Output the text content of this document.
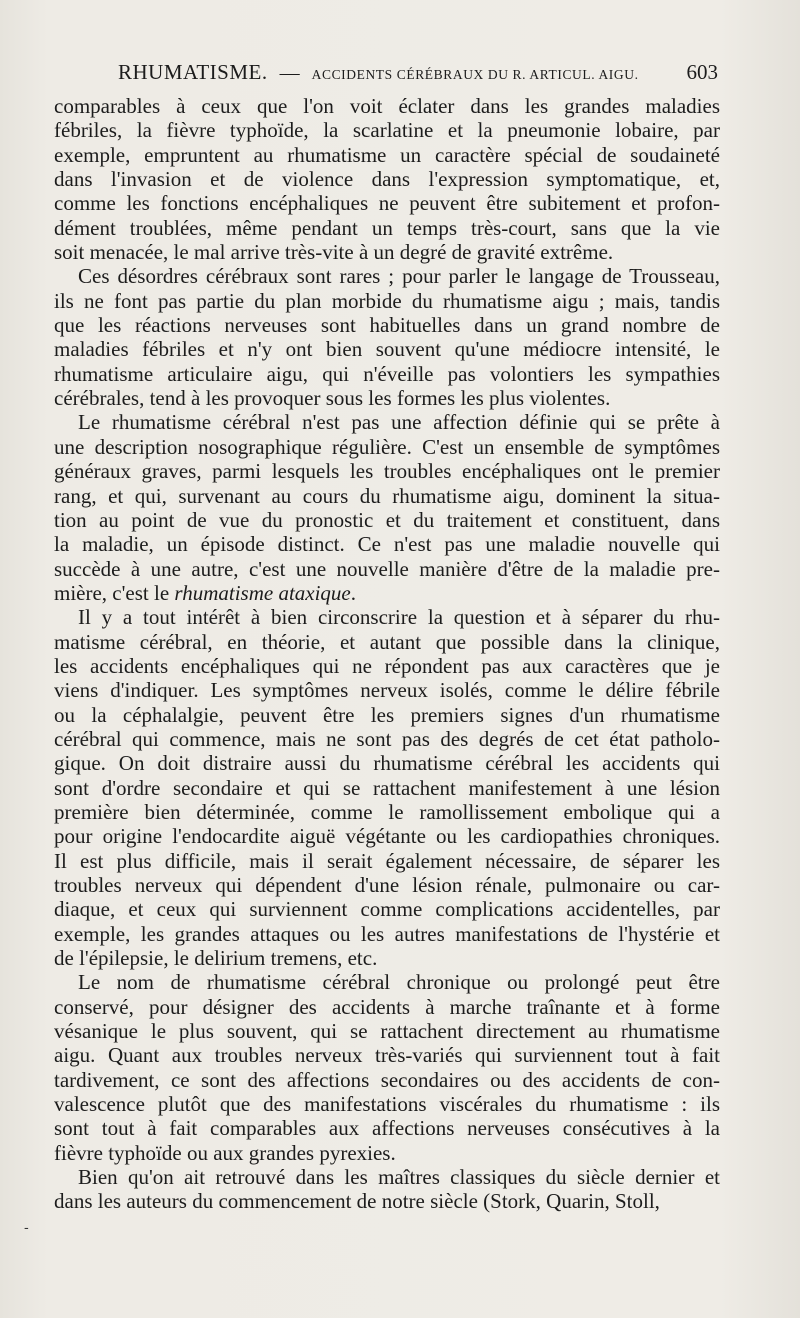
RHUMATISME. — ACCIDENTS CÉRÉBRAUX DU R. ARTICUL. AIGU. 603
comparables à ceux que l'on voit éclater dans les grandes maladies
fébriles, la fièvre typhoïde, la scarlatine et la pneumonie lobaire, par
exemple, empruntent au rhumatisme un caractère spécial de soudaineté
dans l'invasion et de violence dans l'expression symptomatique, et,
comme les fonctions encéphaliques ne peuvent être subitement et profon-
dément troublées, même pendant un temps très-court, sans que la vie
soit menacée, le mal arrive très-vite à un degré de gravité extrême.
Ces désordres cérébraux sont rares ; pour parler le langage de Trousseau,
ils ne font pas partie du plan morbide du rhumatisme aigu ; mais, tandis
que les réactions nerveuses sont habituelles dans un grand nombre de
maladies fébriles et n'y ont bien souvent qu'une médiocre intensité, le
rhumatisme articulaire aigu, qui n'éveille pas volontiers les sympathies
cérébrales, tend à les provoquer sous les formes les plus violentes.
Le rhumatisme cérébral n'est pas une affection définie qui se prête à
une description nosographique régulière. C'est un ensemble de symptômes
généraux graves, parmi lesquels les troubles encéphaliques ont le premier
rang, et qui, survenant au cours du rhumatisme aigu, dominent la situa-
tion au point de vue du pronostic et du traitement et constituent, dans
la maladie, un épisode distinct. Ce n'est pas une maladie nouvelle qui
succède à une autre, c'est une nouvelle manière d'être de la maladie pre-
mière, c'est le rhumatisme ataxique.
Il y a tout intérêt à bien circonscrire la question et à séparer du rhu-
matisme cérébral, en théorie, et autant que possible dans la clinique,
les accidents encéphaliques qui ne répondent pas aux caractères que je
viens d'indiquer. Les symptômes nerveux isolés, comme le délire fébrile
ou la céphalalgie, peuvent être les premiers signes d'un rhumatisme
cérébral qui commence, mais ne sont pas des degrés de cet état patholo-
gique. On doit distraire aussi du rhumatisme cérébral les accidents qui
sont d'ordre secondaire et qui se rattachent manifestement à une lésion
première bien déterminée, comme le ramollissement embolique qui a
pour origine l'endocardite aiguë végétante ou les cardiopathies chroniques.
Il est plus difficile, mais il serait également nécessaire, de séparer les
troubles nerveux qui dépendent d'une lésion rénale, pulmonaire ou car-
diaque, et ceux qui surviennent comme complications accidentelles, par
exemple, les grandes attaques ou les autres manifestations de l'hystérie et
de l'épilepsie, le delirium tremens, etc.
Le nom de rhumatisme cérébral chronique ou prolongé peut être
conservé, pour désigner des accidents à marche traînante et à forme
vésanique le plus souvent, qui se rattachent directement au rhumatisme
aigu. Quant aux troubles nerveux très-variés qui surviennent tout à fait
tardivement, ce sont des affections secondaires ou des accidents de con-
valescence plutôt que des manifestations viscérales du rhumatisme : ils
sont tout à fait comparables aux affections nerveuses consécutives à la
fièvre typhoïde ou aux grandes pyrexies.
Bien qu'on ait retrouvé dans les maîtres classiques du siècle dernier et
dans les auteurs du commencement de notre siècle (Stork, Quarin, Stoll,
-
